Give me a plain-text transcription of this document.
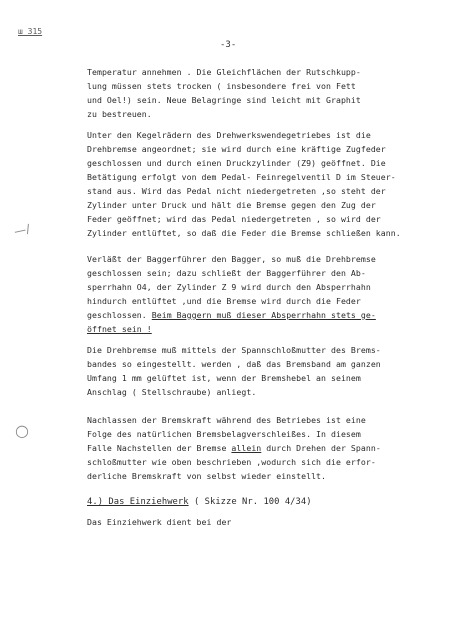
ш 315
-3-
—/
○
Temperatur annehmen . Die Gleichflächen der Rutschkupp-
lung müssen stets trocken ( insbesondere frei von Fett
und Oel!) sein. Neue Belagringe sind leicht mit Graphit
zu bestreuen.
Unter den Kegelrädern des Drehwerkswendegetriebes ist die
Drehbremse angeordnet; sie wird durch eine kräftige Zugfeder
geschlossen und durch einen Druckzylinder (Z9) geöffnet. Die
Betätigung erfolgt von dem Pedal- Feinregelventil D im Steuer-
stand aus. Wird das Pedal nicht niedergetreten ,so steht der
Zylinder unter Druck und hält die Bremse gegen den Zug der
Feder geöffnet; wird das Pedal niedergetreten , so wird der
Zylinder entlüftet, so daß die Feder die Bremse schließen kann.
Verläßt der Baggerführer den Bagger, so muß die Drehbremse
geschlossen sein; dazu schließt der Baggerführer den Ab-
sperrhahn O4, der Zylinder Z 9 wird durch den Absperrhahn
hindurch entlüftet ,und die Bremse wird durch die Feder
geschlossen. Beim Baggern muß dieser Absperrhahn stets ge-
öffnet sein !
Die Drehbremse muß mittels der Spannschloßmutter des Brems-
bandes so eingestellt. werden , daß das Bremsband am ganzen
Umfang 1 mm gelüftet ist, wenn der Bremshebel an seinem
Anschlag ( Stellschraube) anliegt.
Nachlassen der Bremskraft während des Betriebes ist eine
Folge des natürlichen Bremsbelagverschleißes. In diesem
Falle Nachstellen der Bremse allein durch Drehen der Spann-
schloßmutter wie oben beschrieben ,wodurch sich die erfor-
derliche Bremskraft von selbst wieder einstellt.
4.) Das Einziehwerk ( Skizze Nr. 100 4/34)
Das Einziehwerk dient bei der
